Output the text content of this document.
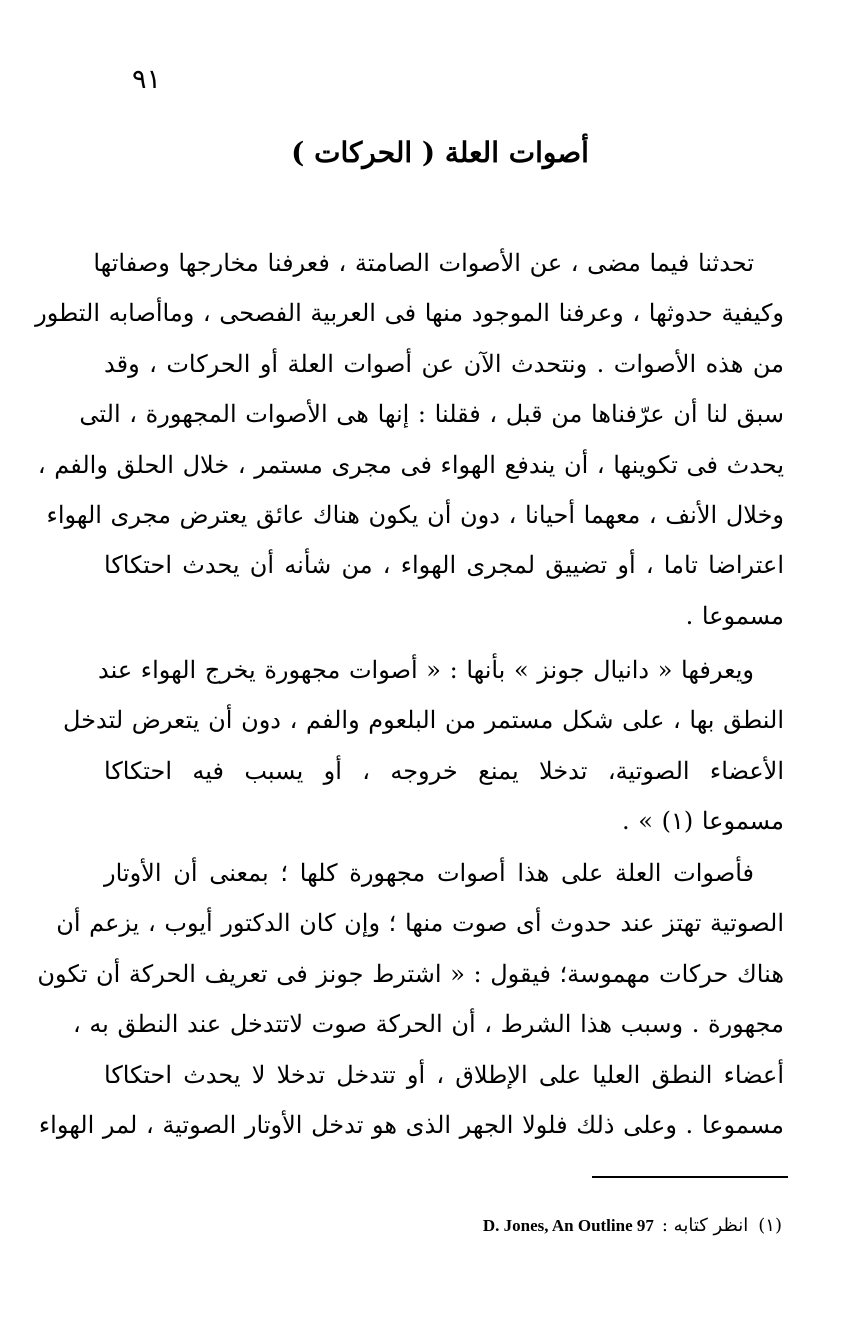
٩١
أصوات العلة ( الحركات )
تحدثنا فيما مضى ، عن الأصوات الصامتة ، فعرفنا مخارجها وصفاتها
وكيفية حدوثها ، وعرفنا الموجود منها فى العربية الفصحى ، وماأصابه التطور
من هذه الأصوات . ونتحدث الآن عن أصوات العلة أو الحركات ، وقد
سبق لنا أن عرّفناها من قبل ، فقلنا : إنها هى الأصوات المجهورة ، التى
يحدث فى تكوينها ، أن يندفع الهواء فى مجرى مستمر ، خلال الحلق والفم ،
وخلال الأنف ، معهما أحيانا ، دون أن يكون هناك عائق يعترض مجرى الهواء
اعتراضا تاما ، أو تضييق لمجرى الهواء ، من شأنه أن يحدث احتكاكا
مسموعا .
ويعرفها « دانيال جونز » بأنها : « أصوات مجهورة يخرج الهواء عند
النطق بها ، على شكل مستمر من البلعوم والفم ، دون أن يتعرض لتدخل
الأعضاء الصوتية، تدخلا يمنع خروجه ، أو يسبب فيه احتكاكا
مسموعا (١) » .
فأصوات العلة على هذا أصوات مجهورة كلها ؛ بمعنى أن الأوتار
الصوتية تهتز عند حدوث أى صوت منها ؛ وإن كان الدكتور أيوب ، يزعم أن
هناك حركات مهموسة؛ فيقول : « اشترط جونز فى تعريف الحركة أن تكون
مجهورة . وسبب هذا الشرط ، أن الحركة صوت لاتتدخل عند النطق به ،
أعضاء النطق العليا على الإطلاق ، أو تتدخل تدخلا لا يحدث احتكاكا
مسموعا . وعلى ذلك فلولا الجهر الذى هو تدخل الأوتار الصوتية ، لمر الهواء
(١)انظر كتابه :D. Jones, An Outline 97
